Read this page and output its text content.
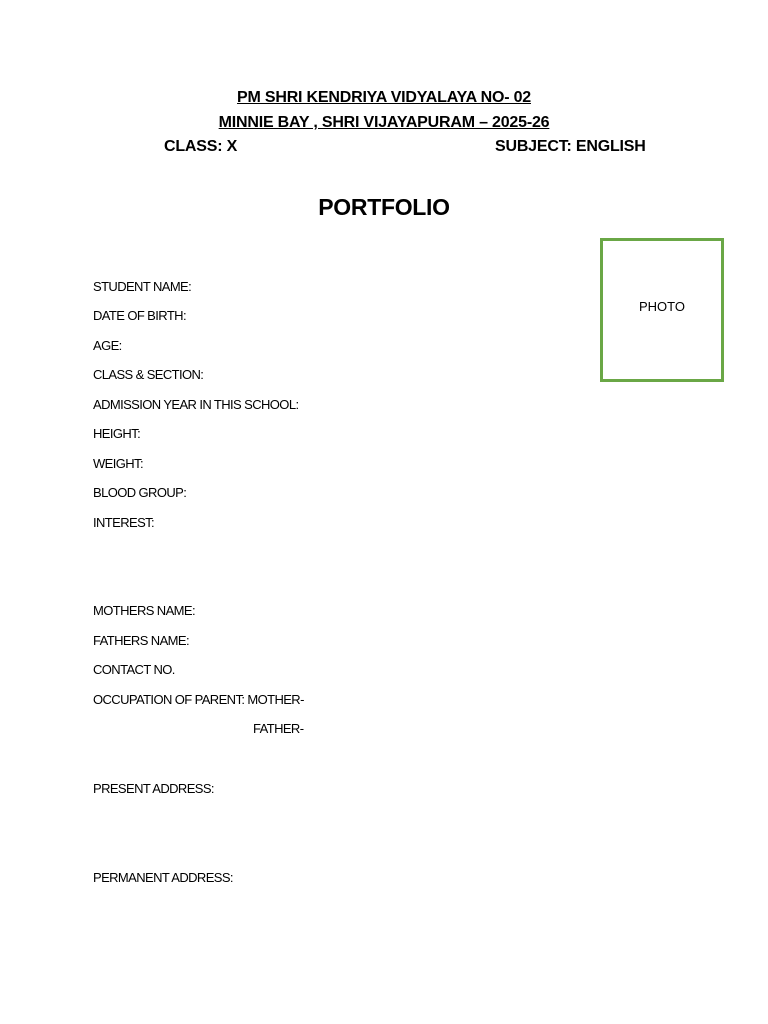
PM SHRI KENDRIYA VIDYALAYA NO- 02
MINNIE BAY , SHRI VIJAYAPURAM – 2025-26
CLASS: X	SUBJECT: ENGLISH
PORTFOLIO
PHOTO
STUDENT NAME:
DATE OF BIRTH:
AGE:
CLASS & SECTION:
ADMISSION YEAR IN THIS SCHOOL:
HEIGHT:
WEIGHT:
BLOOD GROUP:
INTEREST:
MOTHERS NAME:
FATHERS NAME:
CONTACT NO.
OCCUPATION OF PARENT: MOTHER-
FATHER-
PRESENT ADDRESS:
PERMANENT ADDRESS:
